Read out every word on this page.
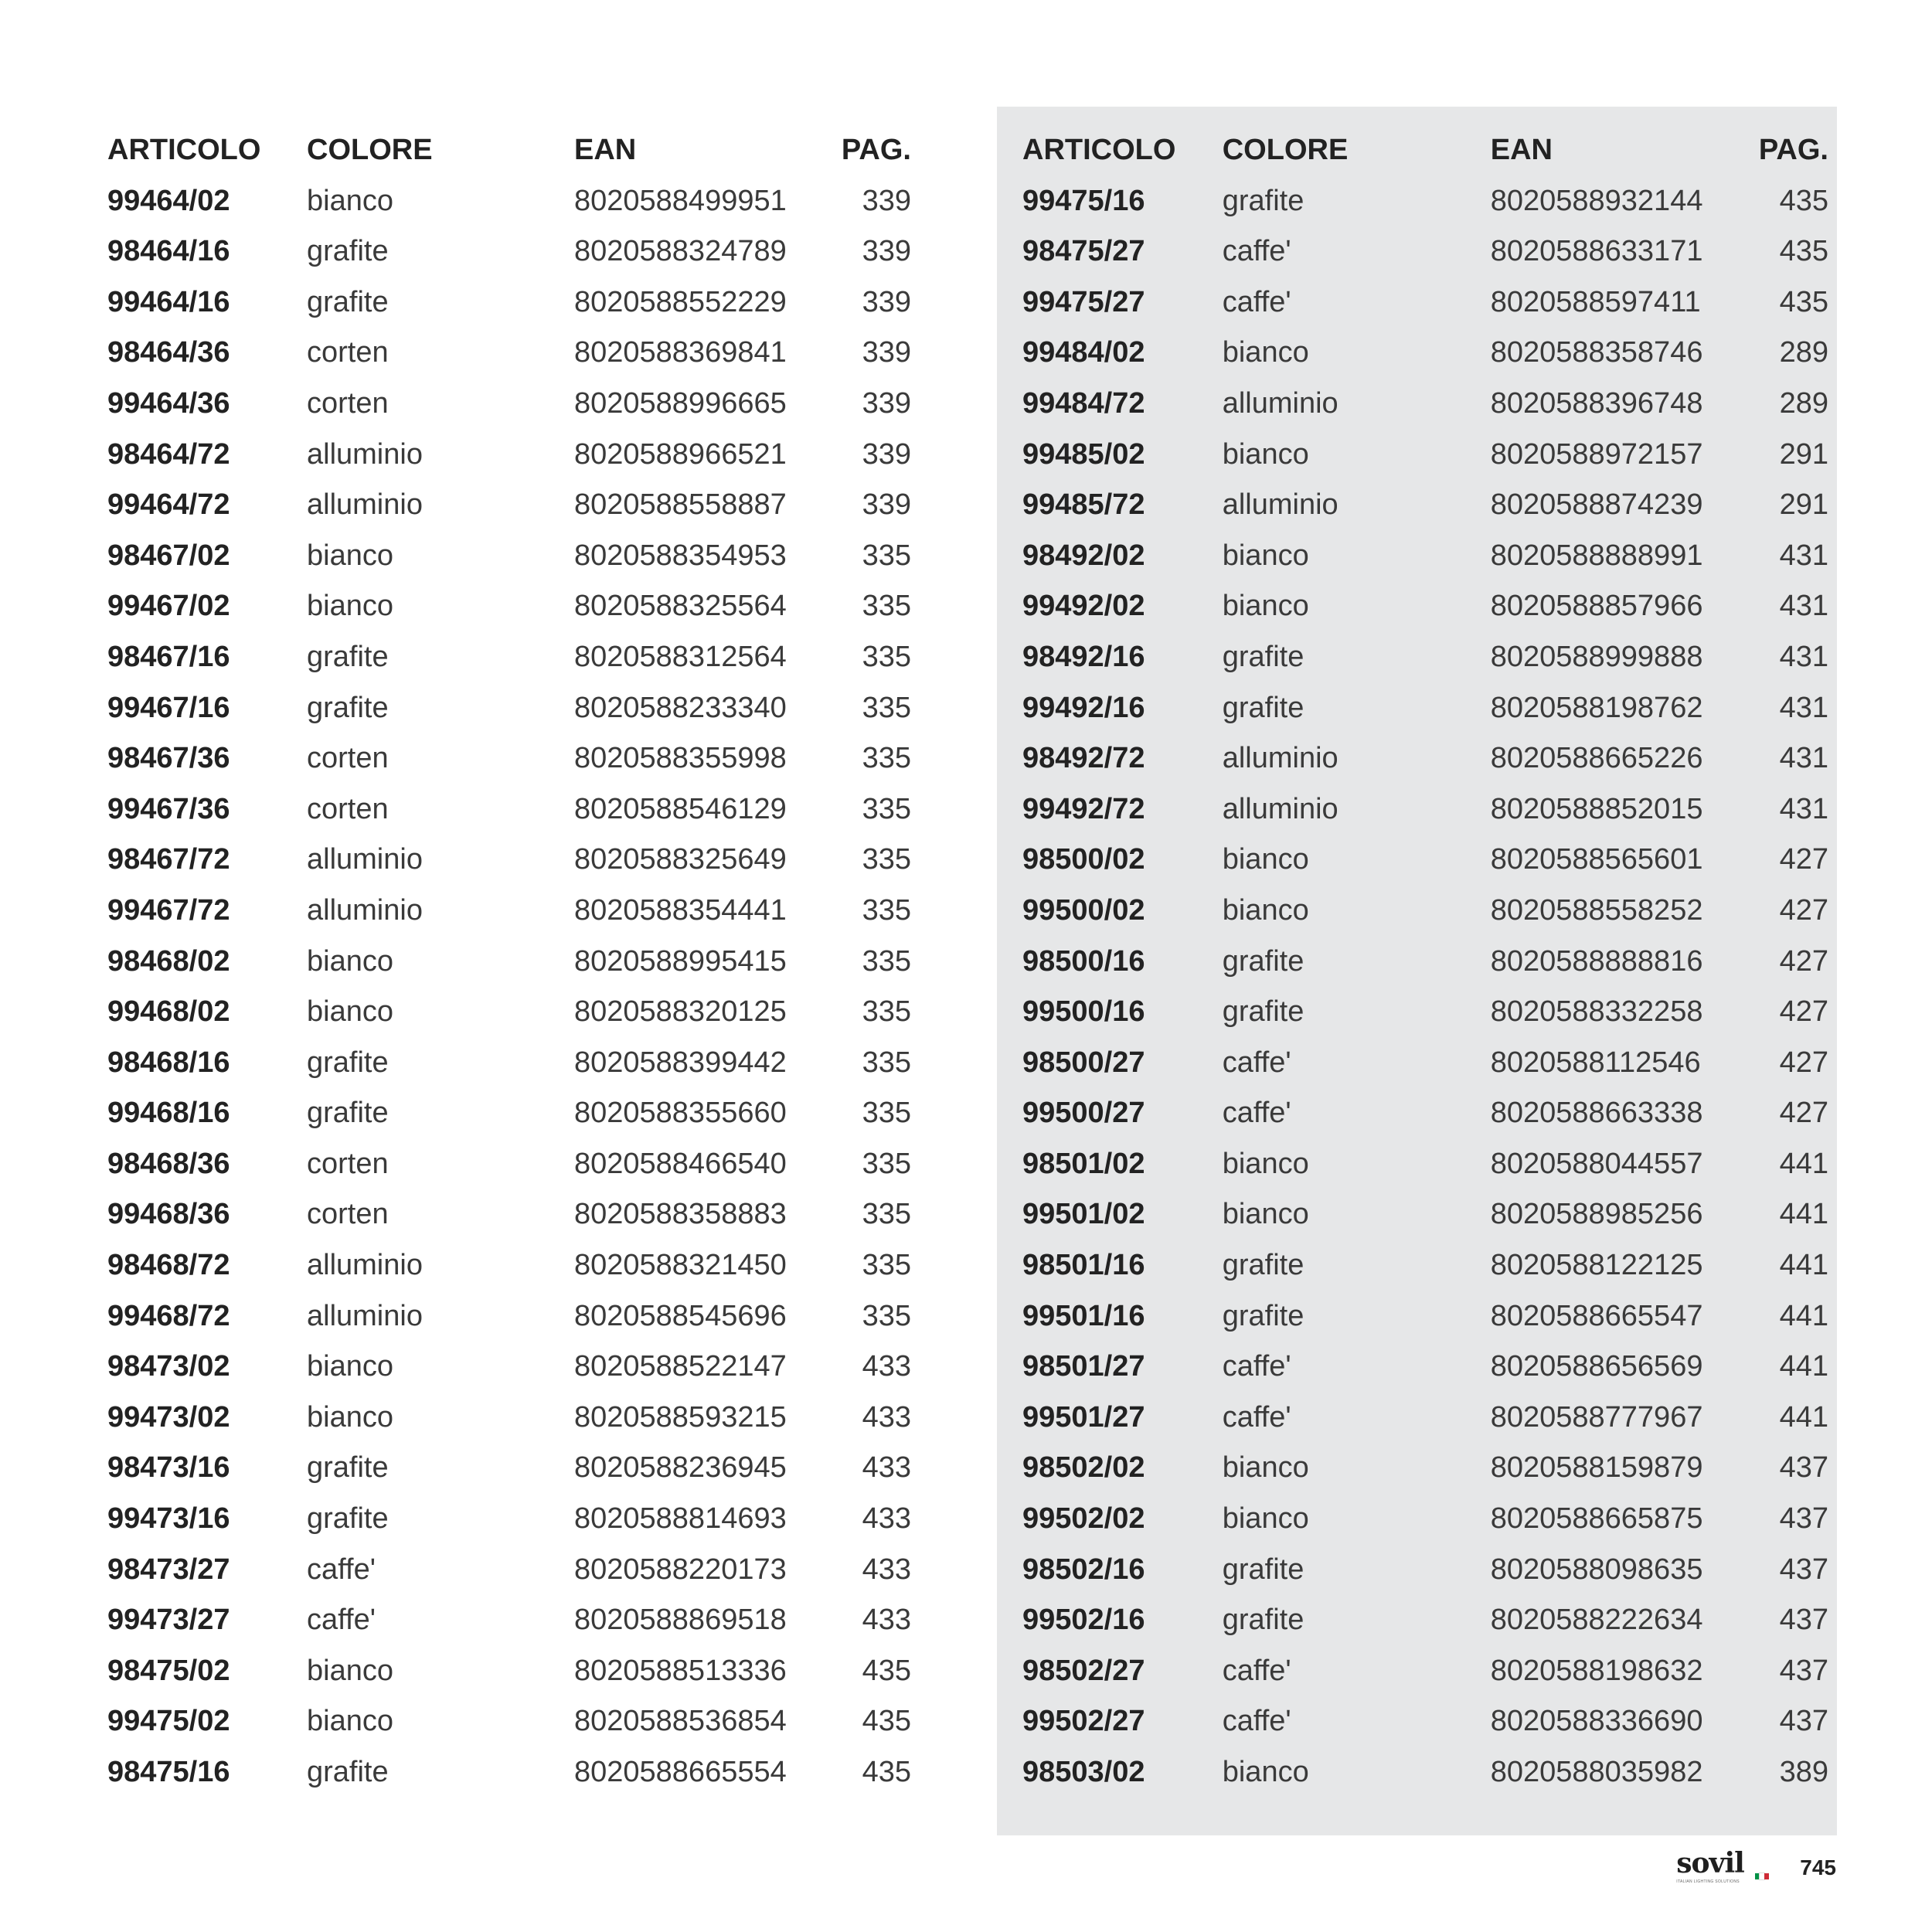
ARTICOLO	COLORE	EAN	PAG.
99464/02	bianco	8020588499951	339
98464/16	grafite	8020588324789	339
99464/16	grafite	8020588552229	339
98464/36	corten	8020588369841	339
99464/36	corten	8020588996665	339
98464/72	alluminio	8020588966521	339
99464/72	alluminio	8020588558887	339
98467/02	bianco	8020588354953	335
99467/02	bianco	8020588325564	335
98467/16	grafite	8020588312564	335
99467/16	grafite	8020588233340	335
98467/36	corten	8020588355998	335
99467/36	corten	8020588546129	335
98467/72	alluminio	8020588325649	335
99467/72	alluminio	8020588354441	335
98468/02	bianco	8020588995415	335
99468/02	bianco	8020588320125	335
98468/16	grafite	8020588399442	335
99468/16	grafite	8020588355660	335
98468/36	corten	8020588466540	335
99468/36	corten	8020588358883	335
98468/72	alluminio	8020588321450	335
99468/72	alluminio	8020588545696	335
98473/02	bianco	8020588522147	433
99473/02	bianco	8020588593215	433
98473/16	grafite	8020588236945	433
99473/16	grafite	8020588814693	433
98473/27	caffe'	8020588220173	433
99473/27	caffe'	8020588869518	433
98475/02	bianco	8020588513336	435
99475/02	bianco	8020588536854	435
98475/16	grafite	8020588665554	435
ARTICOLO	COLORE	EAN	PAG.
99475/16	grafite	8020588932144	435
98475/27	caffe'	8020588633171	435
99475/27	caffe'	8020588597411	435
99484/02	bianco	8020588358746	289
99484/72	alluminio	8020588396748	289
99485/02	bianco	8020588972157	291
99485/72	alluminio	8020588874239	291
98492/02	bianco	8020588888991	431
99492/02	bianco	8020588857966	431
98492/16	grafite	8020588999888	431
99492/16	grafite	8020588198762	431
98492/72	alluminio	8020588665226	431
99492/72	alluminio	8020588852015	431
98500/02	bianco	8020588565601	427
99500/02	bianco	8020588558252	427
98500/16	grafite	8020588888816	427
99500/16	grafite	8020588332258	427
98500/27	caffe'	8020588112546	427
99500/27	caffe'	8020588663338	427
98501/02	bianco	8020588044557	441
99501/02	bianco	8020588985256	441
98501/16	grafite	8020588122125	441
99501/16	grafite	8020588665547	441
98501/27	caffe'	8020588656569	441
99501/27	caffe'	8020588777967	441
98502/02	bianco	8020588159879	437
99502/02	bianco	8020588665875	437
98502/16	grafite	8020588098635	437
99502/16	grafite	8020588222634	437
98502/27	caffe'	8020588198632	437
99502/27	caffe'	8020588336690	437
98503/02	bianco	8020588035982	389
sovil
ITALIAN LIGHTING SOLUTIONS
745
